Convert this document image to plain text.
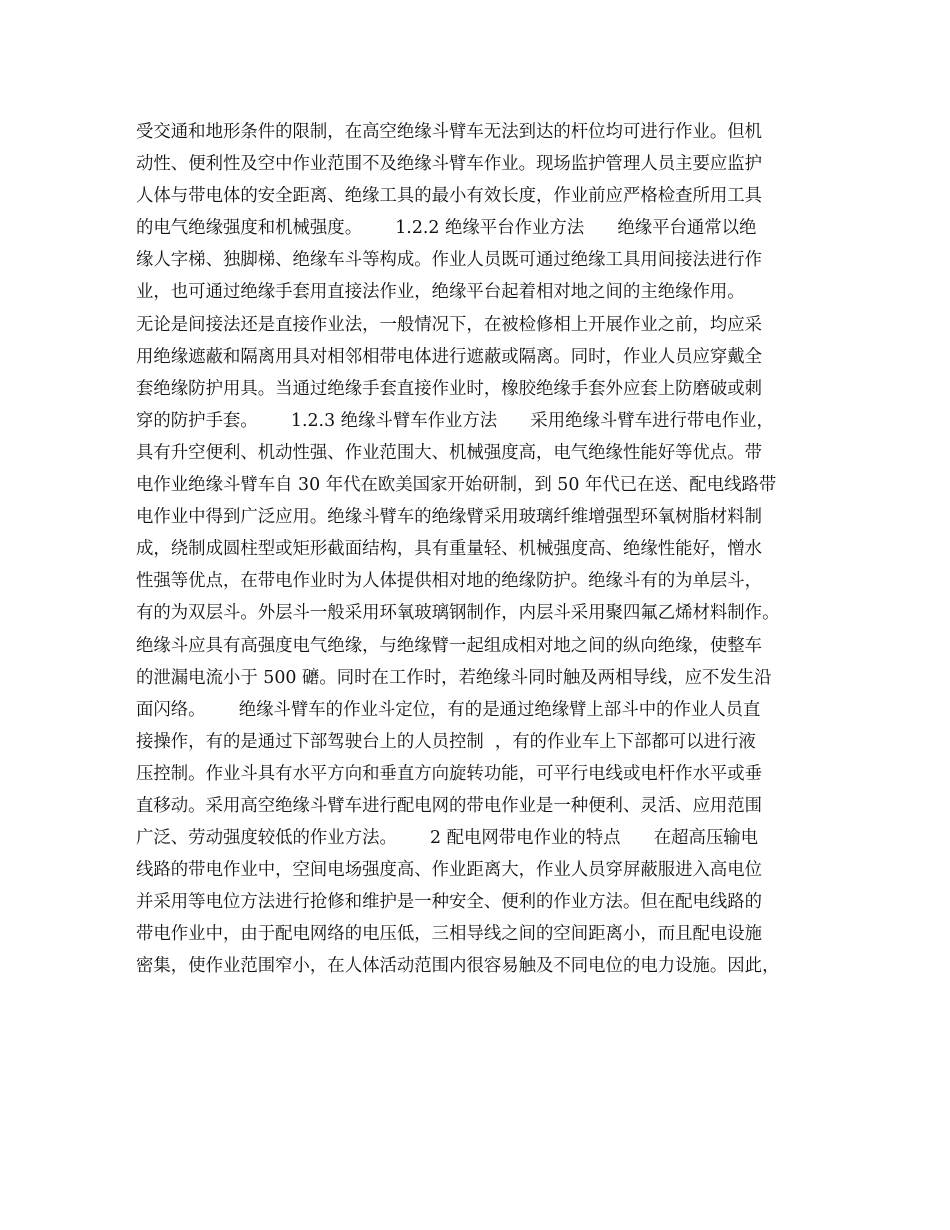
受交通和地形条件的限制，在高空绝缘斗臂车无法到达的杆位均可进行作业。但机
动性、便利性及空中作业范围不及绝缘斗臂车作业。现场监护管理人员主要应监护
人体与带电体的安全距离、绝缘工具的最小有效长度，作业前应严格检查所用工具
的电气绝缘强度和机械强度。      1.2.2 绝缘平台作业方法      绝缘平台通常以绝
缘人字梯、独脚梯、绝缘车斗等构成。作业人员既可通过绝缘工具用间接法进行作
业，也可通过绝缘手套用直接法作业，绝缘平台起着相对地之间的主绝缘作用。
无论是间接法还是直接作业法，一般情况下，在被检修相上开展作业之前，均应采
用绝缘遮蔽和隔离用具对相邻相带电体进行遮蔽或隔离。同时，作业人员应穿戴全
套绝缘防护用具。当通过绝缘手套直接作业时，橡胶绝缘手套外应套上防磨破或刺
穿的防护手套。      1.2.3 绝缘斗臂车作业方法      采用绝缘斗臂车进行带电作业，
具有升空便利、机动性强、作业范围大、机械强度高，电气绝缘性能好等优点。带
电作业绝缘斗臂车自 30 年代在欧美国家开始研制，到 50 年代已在送、配电线路带
电作业中得到广泛应用。绝缘斗臂车的绝缘臂采用玻璃纤维增强型环氧树脂材料制
成，绕制成圆柱型或矩形截面结构，具有重量轻、机械强度高、绝缘性能好，憎水
性强等优点，在带电作业时为人体提供相对地的绝缘防护。绝缘斗有的为单层斗，
有的为双层斗。外层斗一般采用环氧玻璃钢制作，内层斗采用聚四氟乙烯材料制作。
绝缘斗应具有高强度电气绝缘，与绝缘臂一起组成相对地之间的纵向绝缘，使整车
的泄漏电流小于 500 礳。同时在工作时，若绝缘斗同时触及两相导线，应不发生沿
面闪络。      绝缘斗臂车的作业斗定位，有的是通过绝缘臂上部斗中的作业人员直
接操作，有的是通过下部驾驶台上的人员控制  ，有的作业车上下部都可以进行液
压控制。作业斗具有水平方向和垂直方向旋转功能，可平行电线或电杆作水平或垂
直移动。采用高空绝缘斗臂车进行配电网的带电作业是一种便利、灵活、应用范围
广泛、劳动强度较低的作业方法。      2 配电网带电作业的特点      在超高压输电
线路的带电作业中，空间电场强度高、作业距离大，作业人员穿屏蔽服进入高电位
并采用等电位方法进行抢修和维护是一种安全、便利的作业方法。但在配电线路的
带电作业中，由于配电网络的电压低，三相导线之间的空间距离小，而且配电设施
密集，使作业范围窄小，在人体活动范围内很容易触及不同电位的电力设施。因此，
